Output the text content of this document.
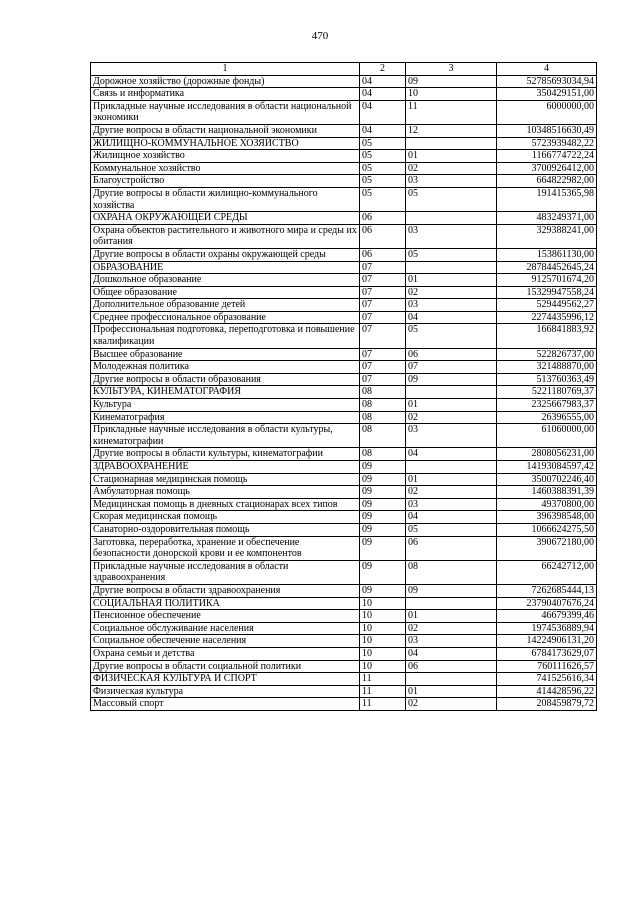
470
1	2	3	4
Дорожное хозяйство (дорожные фонды)	04	09	52785693034,94
Связь и информатика	04	10	350429151,00
Прикладные научные исследования в области национальной экономики	04	11	6000000,00
Другие вопросы в области национальной экономики	04	12	10348516630,49
ЖИЛИЩНО-КОММУНАЛЬНОЕ ХОЗЯЙСТВО	05		5723939482,22
Жилищное хозяйство	05	01	1166774722,24
Коммунальное хозяйство	05	02	3700926412,00
Благоустройство	05	03	664822982,00
Другие вопросы в области жилищно-коммунального хозяйства	05	05	191415365,98
ОХРАНА ОКРУЖАЮЩЕЙ СРЕДЫ	06		483249371,00
Охрана объектов растительного и животного мира и среды их обитания	06	03	329388241,00
Другие вопросы в области охраны окружающей среды	06	05	153861130,00
ОБРАЗОВАНИЕ	07		28784452645,24
Дошкольное образование	07	01	9125701674,20
Общее образование	07	02	15329947558,24
Дополнительное образование детей	07	03	529449562,27
Среднее профессиональное образование	07	04	2274435996,12
Профессиональная подготовка, переподготовка и повышение квалификации	07	05	166841883,92
Высшее образование	07	06	522826737,00
Молодежная политика	07	07	321488870,00
Другие вопросы в области образования	07	09	513760363,49
КУЛЬТУРА, КИНЕМАТОГРАФИЯ	08		5221180769,37
Культура	08	01	2325667983,37
Кинематография	08	02	26396555,00
Прикладные научные исследования в области культуры, кинематографии	08	03	61060000,00
Другие вопросы в области культуры, кинематографии	08	04	2808056231,00
ЗДРАВООХРАНЕНИЕ	09		14193084597,42
Стационарная медицинская помощь	09	01	3500702246,40
Амбулаторная помощь	09	02	1460388391,39
Медицинская помощь в дневных стационарах всех типов	09	03	49370800,00
Скорая медицинская помощь	09	04	396398548,00
Санаторно-оздоровительная помощь	09	05	1066624275,50
Заготовка, переработка, хранение и обеспечение безопасности донорской крови и ее компонентов	09	06	390672180,00
Прикладные научные исследования в области здравоохранения	09	08	66242712,00
Другие вопросы в области здравоохранения	09	09	7262685444,13
СОЦИАЛЬНАЯ ПОЛИТИКА	10		23790407676,24
Пенсионное обеспечение	10	01	46679399,46
Социальное обслуживание населения	10	02	1974536889,94
Социальное обеспечение населения	10	03	14224906131,20
Охрана семьи и детства	10	04	6784173629,07
Другие вопросы в области социальной политики	10	06	760111626,57
ФИЗИЧЕСКАЯ КУЛЬТУРА И СПОРТ	11		741525616,34
Физическая культура	11	01	414428596,22
Массовый спорт	11	02	208459879,72
